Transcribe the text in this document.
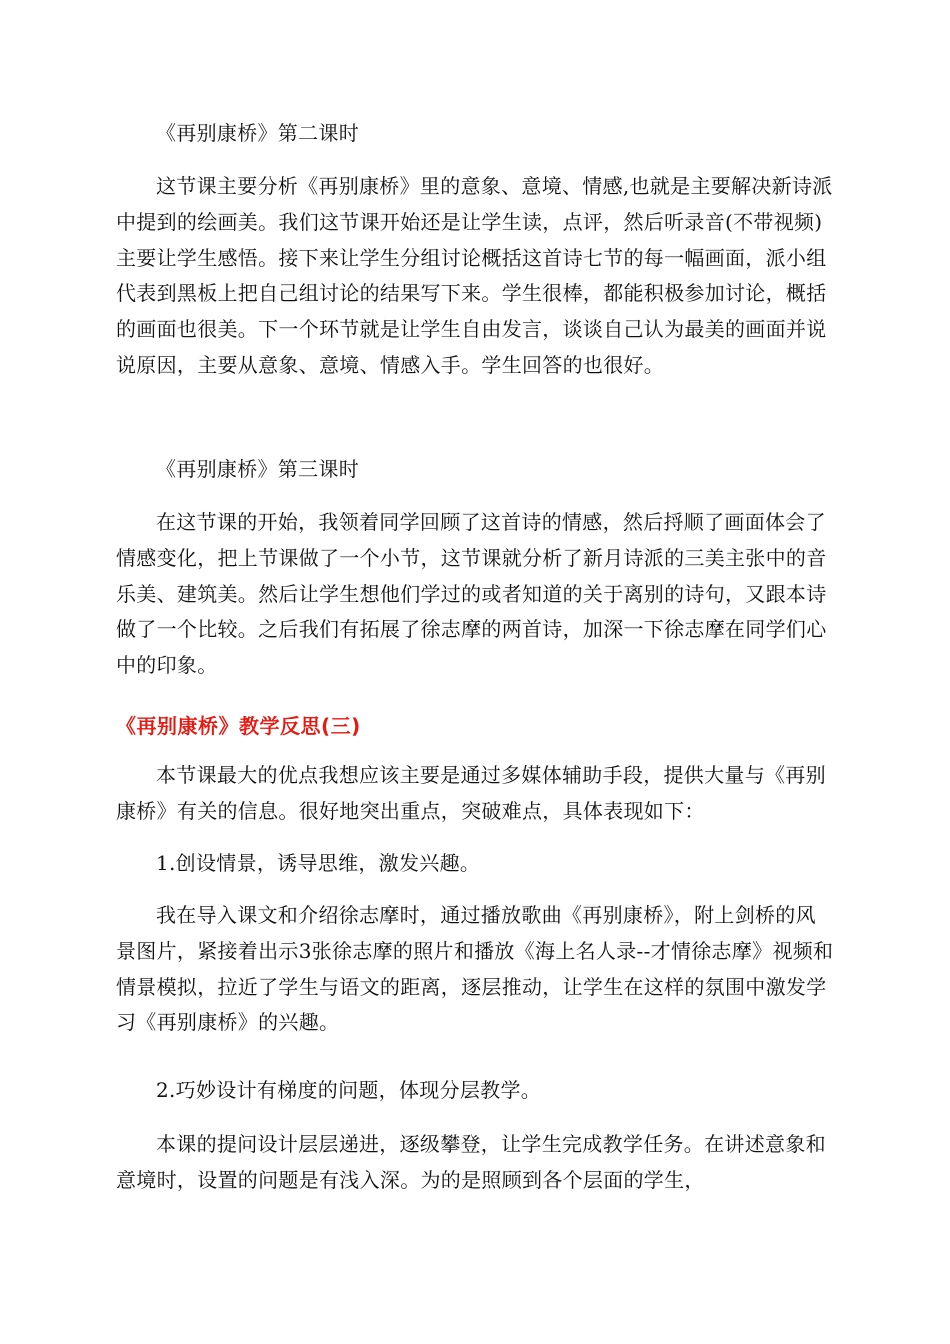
《再别康桥》第二课时

这节课主要分析《再别康桥》里的意象、意境、情感,也就是主要解决新诗派中提到的绘画美。我们这节课开始还是让学生读，点评，然后听录音(不带视频)主要让学生感悟。接下来让学生分组讨论概括这首诗七节的每一幅画面，派小组代表到黑板上把自己组讨论的结果写下来。学生很棒，都能积极参加讨论，概括的画面也很美。下一个环节就是让学生自由发言，谈谈自己认为最美的画面并说说原因，主要从意象、意境、情感入手。学生回答的也很好。

《再别康桥》第三课时

在这节课的开始，我领着同学回顾了这首诗的情感，然后捋顺了画面体会了情感变化，把上节课做了一个小节，这节课就分析了新月诗派的三美主张中的音乐美、建筑美。然后让学生想他们学过的或者知道的关于离别的诗句，又跟本诗做了一个比较。之后我们有拓展了徐志摩的两首诗，加深一下徐志摩在同学们心中的印象。

《再别康桥》教学反思(三)

本节课最大的优点我想应该主要是通过多媒体辅助手段，提供大量与《再别康桥》有关的信息。很好地突出重点，突破难点，具体表现如下：

1.创设情景，诱导思维，激发兴趣。

我在导入课文和介绍徐志摩时，通过播放歌曲《再别康桥》，附上剑桥的风景图片，紧接着出示3张徐志摩的照片和播放《海上名人录--才情徐志摩》视频和情景模拟，拉近了学生与语文的距离，逐层推动，让学生在这样的氛围中激发学习《再别康桥》的兴趣。

2.巧妙设计有梯度的问题，体现分层教学。

本课的提问设计层层递进，逐级攀登，让学生完成教学任务。在讲述意象和意境时，设置的问题是有浅入深。为的是照顾到各个层面的学生，
